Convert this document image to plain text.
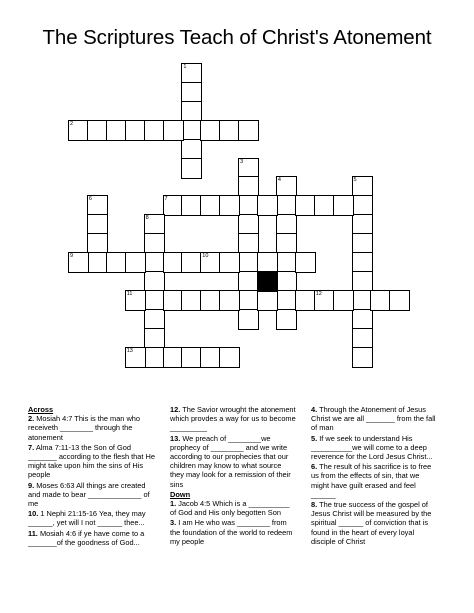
The Scriptures Teach of Christ's Atonement
1
2
3
4	5
6	7
8
9	10
11	12
13
Across
2. Mosiah 4:7 This is the man who receiveth ________ through the atonement
7. Alma 7:11-13 the Son of God _______ according to the flesh that He might take upon him the sins of His people
9. Moses 6:63 All things are created and made to bear _____________ of me
10. 1 Nephi 21:15-16 Yea, they may ______, yet will I not ______ thee...
11. Mosiah 4:6 if ye have come to a _______of the goodness of God...
12. The Savior wrought the atonement which provdes a way for us to become _________
13. We preach of ________we prophecy of ________ and we write according to our prophecies that our children may know to what source they may look for a remission of their sins
Down
1. Jacob 4:5 Which is a __________ of God and His only begotten Son
3. I am He who was ________ from the foundation of the world to redeem my people
4. Through the Atonement of Jesus Christ we are all _______ from the fall of man
5. If we seek to understand His __________we will come to a deep reverence for the Lord Jesus Christ...
6. The result of his sacrifice is to free us from the effects of sin, that we might have guilt erased and feel ______
8. The true success of the gospel of Jesus Christ will be measured by the spiritual ______ of conviction that is found in the heart of every loyal disciple of Christ
